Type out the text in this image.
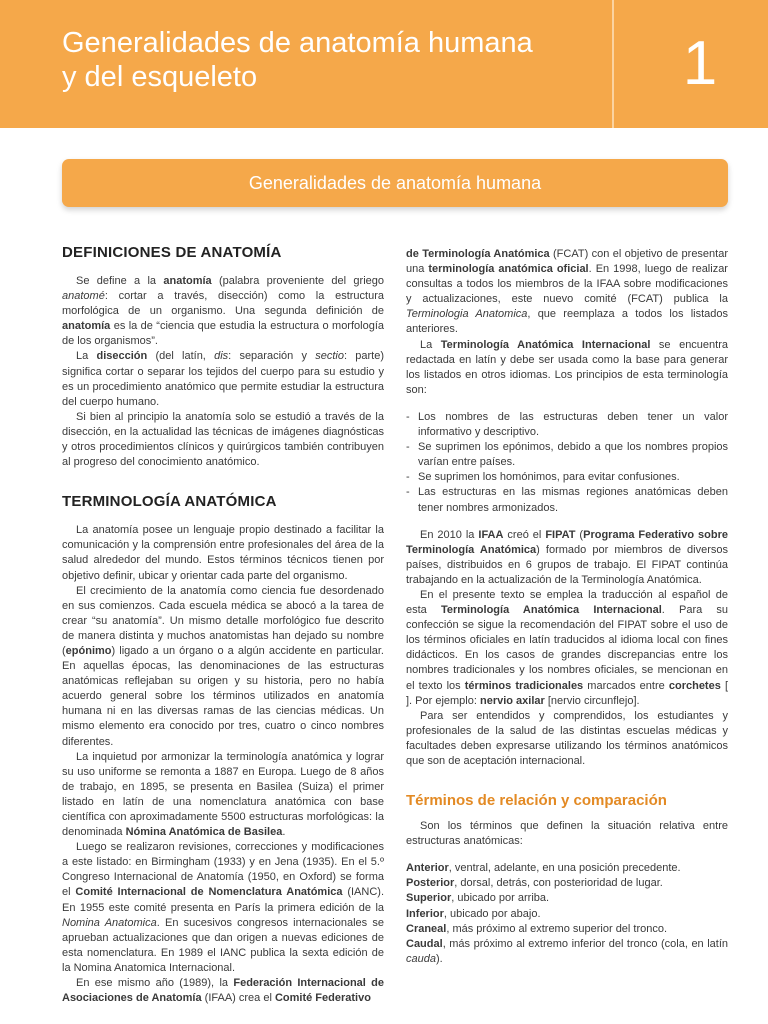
Generalidades de anatomía humana
y del esqueleto	1
Generalidades de anatomía humana
DEFINICIONES DE ANATOMÍA

Se define a la anatomía (palabra proveniente del griego anatomé: cortar a través, disección) como la estructura morfológica de un organismo. Una segunda definición de anatomía es la de “ciencia que estudia la estructura o morfología de los organismos”.

La disección (del latín, dis: separación y sectio: parte) significa cortar o separar los tejidos del cuerpo para su estudio y es un procedimiento anatómico que permite estudiar la estructura del cuerpo humano.

Si bien al principio la anatomía solo se estudió a través de la disección, en la actualidad las técnicas de imágenes diagnósticas y otros procedimientos clínicos y quirúrgicos también contribuyen al progreso del conocimiento anatómico.

TERMINOLOGÍA ANATÓMICA

La anatomía posee un lenguaje propio destinado a facilitar la comunicación y la comprensión entre profesionales del área de la salud alrededor del mundo. Estos términos técnicos tienen por objetivo definir, ubicar y orientar cada parte del organismo.

El crecimiento de la anatomía como ciencia fue desordenado en sus comienzos. Cada escuela médica se abocó a la tarea de crear “su anatomía”. Un mismo detalle morfológico fue descrito de manera distinta y muchos anatomistas han dejado su nombre (epónimo) ligado a un órgano o a algún accidente en particular. En aquellas épocas, las denominaciones de las estructuras anatómicas reflejaban su origen y su historia, pero no había acuerdo general sobre los términos utilizados en anatomía humana ni en las diversas ramas de las ciencias médicas. Un mismo elemento era conocido por tres, cuatro o cinco nombres diferentes.

La inquietud por armonizar la terminología anatómica y lograr su uso uniforme se remonta a 1887 en Europa. Luego de 8 años de trabajo, en 1895, se presenta en Basilea (Suiza) el primer listado en latín de una nomenclatura anatómica con base científica con aproximadamente 5500 estructuras morfológicas: la denominada Nómina Anatómica de Basilea.

Luego se realizaron revisiones, correcciones y modificaciones a este listado: en Birmingham (1933) y en Jena (1935). En el 5.º Congreso Internacional de Anatomía (1950, en Oxford) se forma el Comité Internacional de Nomenclatura Anatómica (IANC). En 1955 este comité presenta en París la primera edición de la Nomina Anatomica. En sucesivos congresos internacionales se aprueban actualizaciones que dan origen a nuevas ediciones de esta nomenclatura. En 1989 el IANC publica la sexta edición de la Nomina Anatomica Internacional.

En ese mismo año (1989), la Federación Internacional de Asociaciones de Anatomía (IFAA) crea el Comité Federativo

de Terminología Anatómica (FCAT) con el objetivo de presentar una terminología anatómica oficial. En 1998, luego de realizar consultas a todos los miembros de la IFAA sobre modificaciones y actualizaciones, este nuevo comité (FCAT) publica la Terminologia Anatomica, que reemplaza a todos los listados anteriores.

La Terminología Anatómica Internacional se encuentra redactada en latín y debe ser usada como la base para generar los listados en otros idiomas. Los principios de esta terminología son:

- Los nombres de las estructuras deben tener un valor informativo y descriptivo.
- Se suprimen los epónimos, debido a que los nombres propios varían entre países.
- Se suprimen los homónimos, para evitar confusiones.
- Las estructuras en las mismas regiones anatómicas deben tener nombres armonizados.

En 2010 la IFAA creó el FIPAT (Programa Federativo sobre Terminología Anatómica) formado por miembros de diversos países, distribuidos en 6 grupos de trabajo. El FIPAT continúa trabajando en la actualización de la Terminología Anatómica.

En el presente texto se emplea la traducción al español de esta Terminología Anatómica Internacional. Para su confección se sigue la recomendación del FIPAT sobre el uso de los términos oficiales en latín traducidos al idioma local con fines didácticos. En los casos de grandes discrepancias entre los nombres tradicionales y los nombres oficiales, se mencionan en el texto los términos tradicionales marcados entre corchetes [ ]. Por ejemplo: nervio axilar [nervio circunflejo].

Para ser entendidos y comprendidos, los estudiantes y profesionales de la salud de las distintas escuelas médicas y facultades deben expresarse utilizando los términos anatómicos que son de aceptación internacional.

Términos de relación y comparación

Son los términos que definen la situación relativa entre estructuras anatómicas:

Anterior, ventral, adelante, en una posición precedente.

Posterior, dorsal, detrás, con posterioridad de lugar.

Superior, ubicado por arriba.

Inferior, ubicado por abajo.

Craneal, más próximo al extremo superior del tronco.

Caudal, más próximo al extremo inferior del tronco (cola, en latín cauda).
